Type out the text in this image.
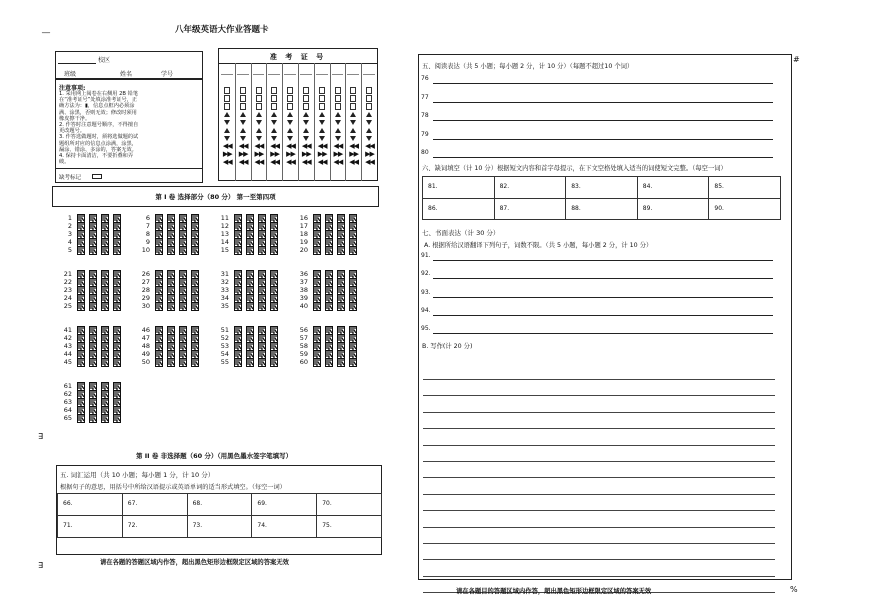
__	八年级英语大作业答题卡
校区
班级	姓名	学号
注意事项:
1. 采用网上阅卷在右侧用 2B 铅笔在“准考证号”处填涂准考证号，正确方法为：▮，信息点框内必须涂满、涂黑，否则无效；修改时须用橡皮擦干净。
2. 作答时注意题号顺序，不得擅自更改题号。
3. 作答选做题时，须将选做题的试题组所对应的信息点涂满，涂黑，漏涂、错涂、多涂的，答案无效。
4. 保持卡面清洁，不要折叠和弄破。
缺考标记
准 考 证 号
◀◀
▶▶
◀◀
◀◀
▶▶
◀◀
◀◀
▶▶
◀◀
◀◀
▶▶
◀◀
◀◀
▶▶
◀◀
◀◀
▶▶
◀◀
◀◀
▶▶
◀◀
◀◀
▶▶
◀◀
◀◀
▶▶
◀◀
◀◀
▶▶
◀◀
第 I 卷 选择部分（80 分） 第一至第四项
1
2
3
4
5
6
7
8
9
10
11
12
13
14
15
16
17
18
19
20
21
22
23
24
25
26
27
28
29
30
31
32
33
34
35
36
37
38
39
40
41
42
43
44
45
46
47
48
49
50
51
52
53
54
55
56
57
58
59
60
61
62
63
64
65
∃
第 II 卷 非选择题（60 分）（用黑色墨水签字笔填写）
五. 词汇运用（共 10 小题；每小题 1 分，计 10 分）
根据句子的意思，用括号中所给汉语提示或英语单词的适当形式填空。（每空一词）
66.	67.	68.	69.	70.
71.	72.	73.	74.	75.
请在各题的答题区域内作答，超出黑色矩形边框限定区域的答案无效
∃
五、阅读表达（共 5 小题；每小题 2 分，计 10 分）（每题不超过10 个词）
76
77
78
79
80
六、缺词填空（计 10 分）根据短文内容和首字母提示，在下文空格处填入适当的词使短文完整。（每空一词）
81.	82.	83.	84.	85.
86.	87.	88.	89.	90.
七、书面表达（计 30 分）
A. 根据所给汉语翻译下列句子，词数不限。（共 5 小题，每小题 2 分，计 10 分）
91.
92.
93.
94.
95.
B. 写作(计 20 分)
#
%
请在各题目的答题区域内作答，超出黑色矩形边框限定区域的答案无效
